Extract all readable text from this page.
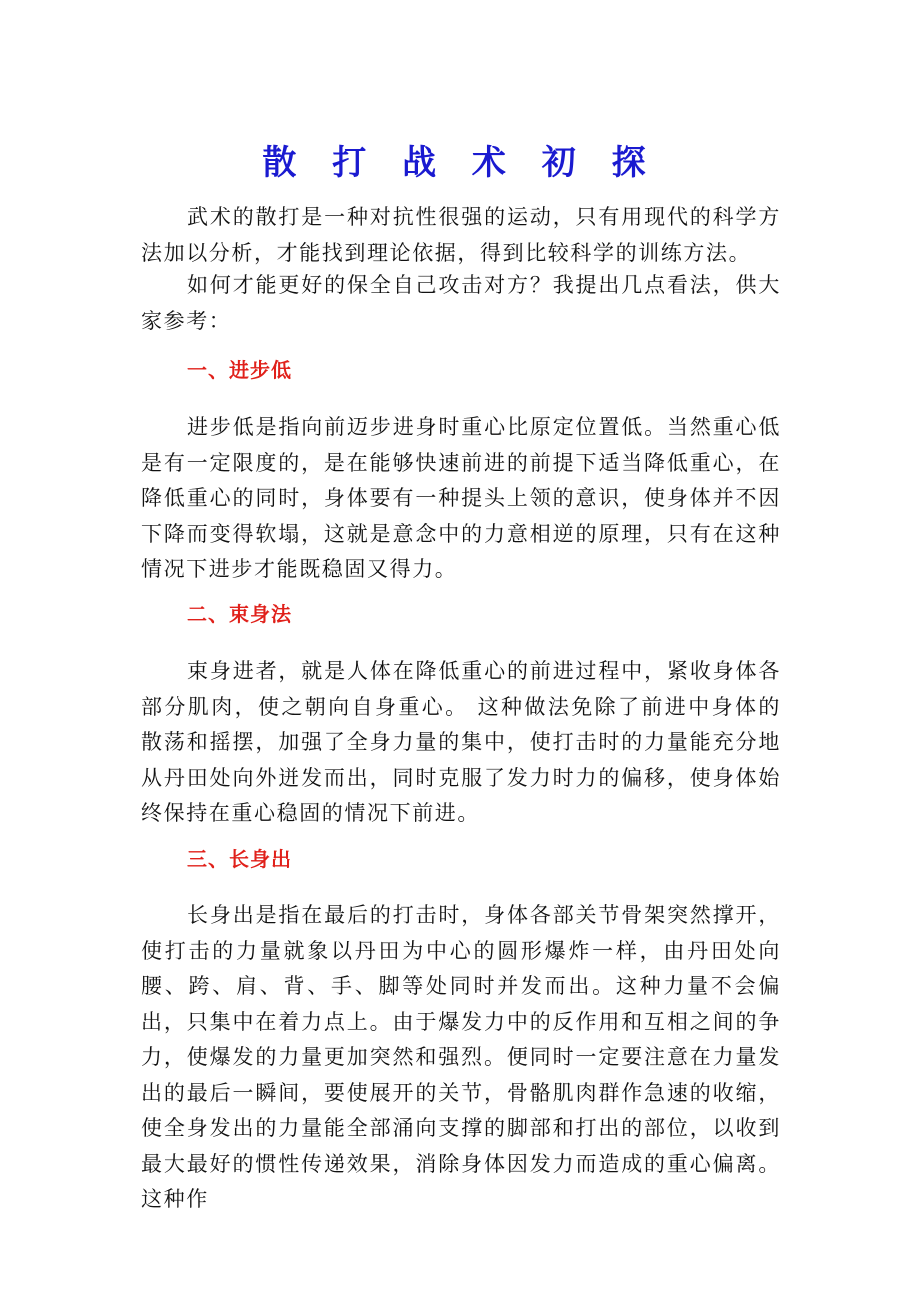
散 打 战 术 初 探

武术的散打是一种对抗性很强的运动，只有用现代的科学方法加以分析，才能找到理论依据，得到比较科学的训练方法。

如何才能更好的保全自己攻击对方？我提出几点看法，供大家参考：

一、进步低

进步低是指向前迈步进身时重心比原定位置低。当然重心低是有一定限度的，是在能够快速前进的前提下适当降低重心，在降低重心的同时，身体要有一种提头上领的意识，使身体并不因下降而变得软塌，这就是意念中的力意相逆的原理，只有在这种情况下进步才能既稳固又得力。

二、束身法

束身进者，就是人体在降低重心的前进过程中，紧收身体各部分肌肉，使之朝向自身重心。 这种做法免除了前进中身体的散荡和摇摆，加强了全身力量的集中，使打击时的力量能充分地从丹田处向外迸发而出，同时克服了发力时力的偏移，使身体始终保持在重心稳固的情况下前进。

三、长身出

长身出是指在最后的打击时，身体各部关节骨架突然撑开，使打击的力量就象以丹田为中心的圆形爆炸一样，由丹田处向腰、跨、肩、背、手、脚等处同时并发而出。这种力量不会偏出，只集中在着力点上。由于爆发力中的反作用和互相之间的争力，使爆发的力量更加突然和强烈。便同时一定要注意在力量发出的最后一瞬间，要使展开的关节，骨骼肌肉群作急速的收缩，使全身发出的力量能全部涌向支撑的脚部和打出的部位，以收到最大最好的惯性传递效果，消除身体因发力而造成的重心偏离。这种作
